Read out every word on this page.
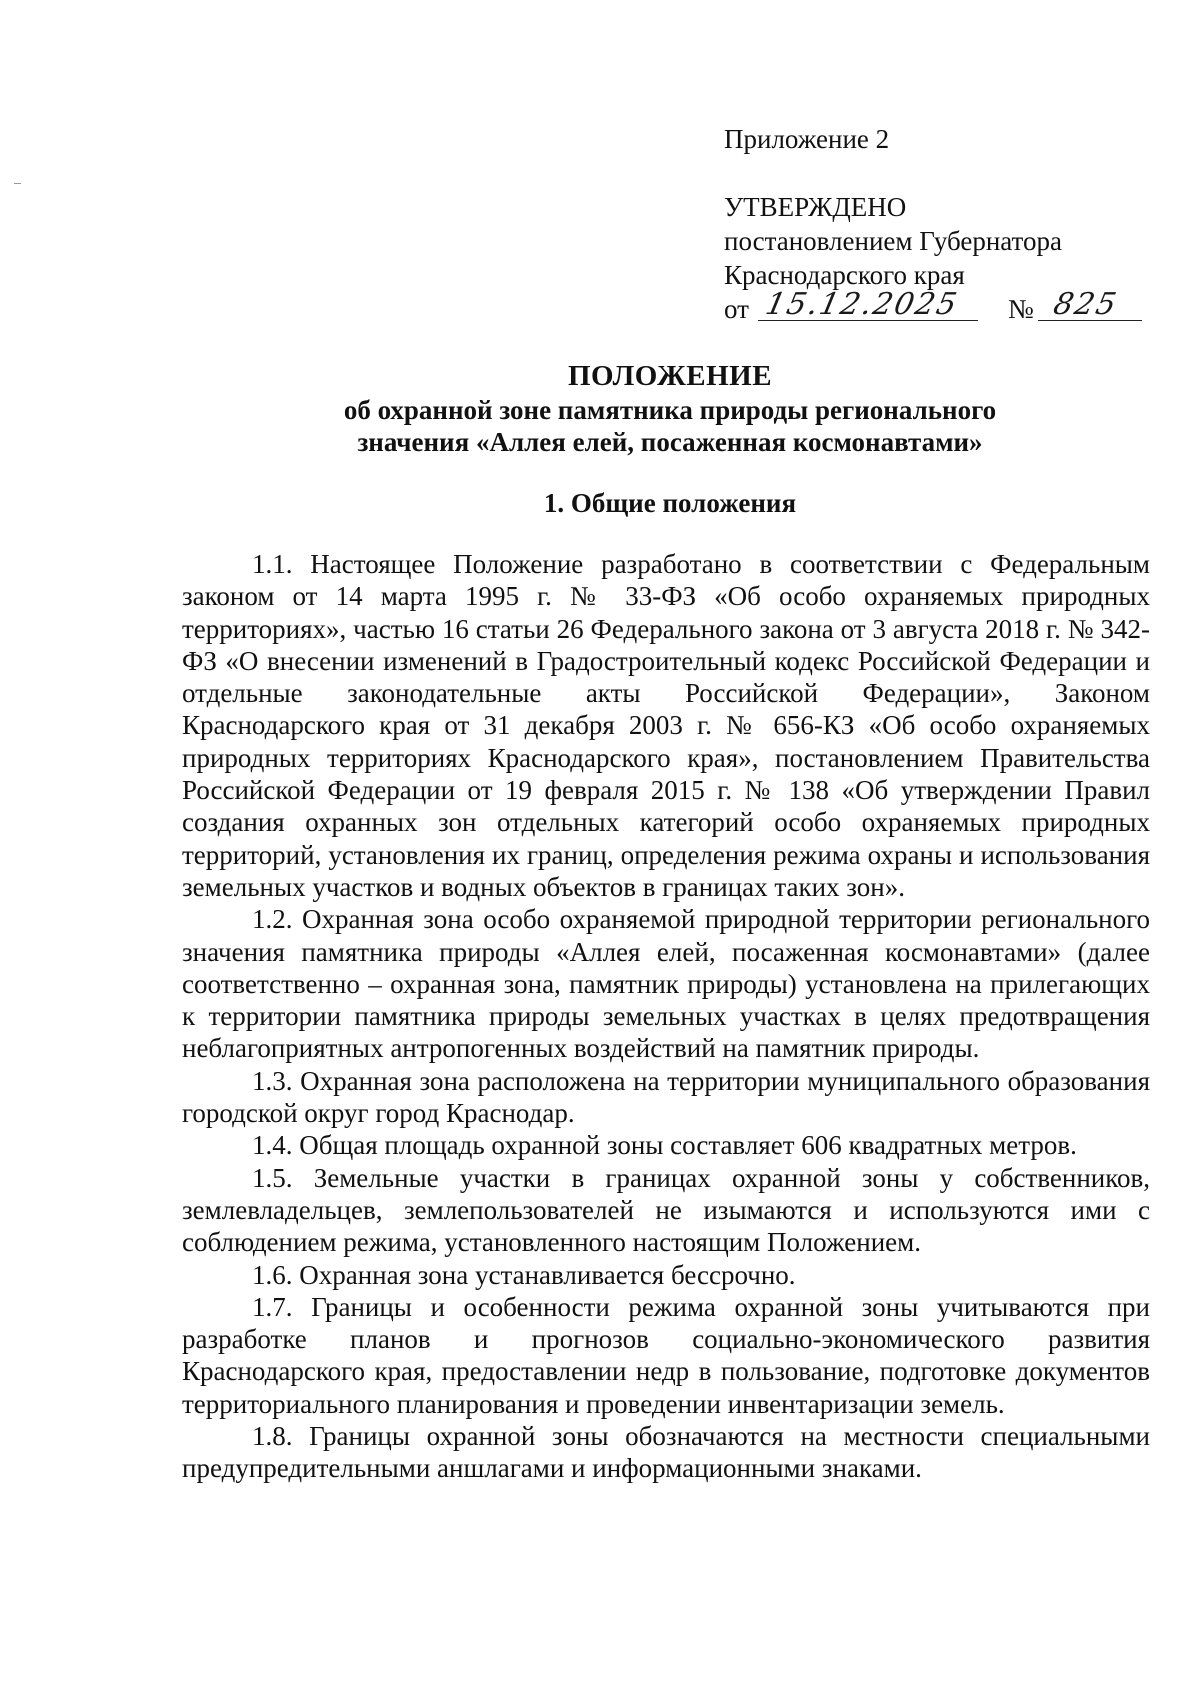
Приложение 2
УТВЕРЖДЕНО
постановлением Губернатора
Краснодарского края
от 15.12.2025 № 825
ПОЛОЖЕНИЕ
об охранной зоне памятника природы регионального
значения «Аллея елей, посаженная космонавтами»
1. Общие положения

1.1. Настоящее Положение разработано в соответствии с Федеральным законом от 14 марта 1995 г. № 33-ФЗ «Об особо охраняемых природных территориях», частью 16 статьи 26 Федерального закона от 3 августа 2018 г. № 342-ФЗ «О внесении изменений в Градостроительный кодекс Российской Федерации и отдельные законодательные акты Российской Федерации», Законом Краснодарского края от 31 декабря 2003 г. № 656-КЗ «Об особо охраняемых природных территориях Краснодарского края», постановлением Правительства Российской Федерации от 19 февраля 2015 г. № 138 «Об утверждении Правил создания охранных зон отдельных категорий особо охраняемых природных территорий, установления их границ, определения режима охраны и использования земельных участков и водных объектов в границах таких зон».

1.2. Охранная зона особо охраняемой природной территории регионального значения памятника природы «Аллея елей, посаженная космонавтами» (далее соответственно – охранная зона, памятник природы) установлена на прилегающих к территории памятника природы земельных участках в целях предотвращения неблагоприятных антропогенных воздействий на памятник природы.

1.3. Охранная зона расположена на территории муниципального образования городской округ город Краснодар.

1.4. Общая площадь охранной зоны составляет 606 квадратных метров.

1.5. Земельные участки в границах охранной зоны у собственников, землевладельцев, землепользователей не изымаются и используются ими с соблюдением режима, установленного настоящим Положением.

1.6. Охранная зона устанавливается бессрочно.

1.7. Границы и особенности режима охранной зоны учитываются при разработке планов и прогнозов социально-экономического развития Краснодарского края, предоставлении недр в пользование, подготовке документов территориального планирования и проведении инвентаризации земель.

1.8. Границы охранной зоны обозначаются на местности специальными предупредительными аншлагами и информационными знаками.
